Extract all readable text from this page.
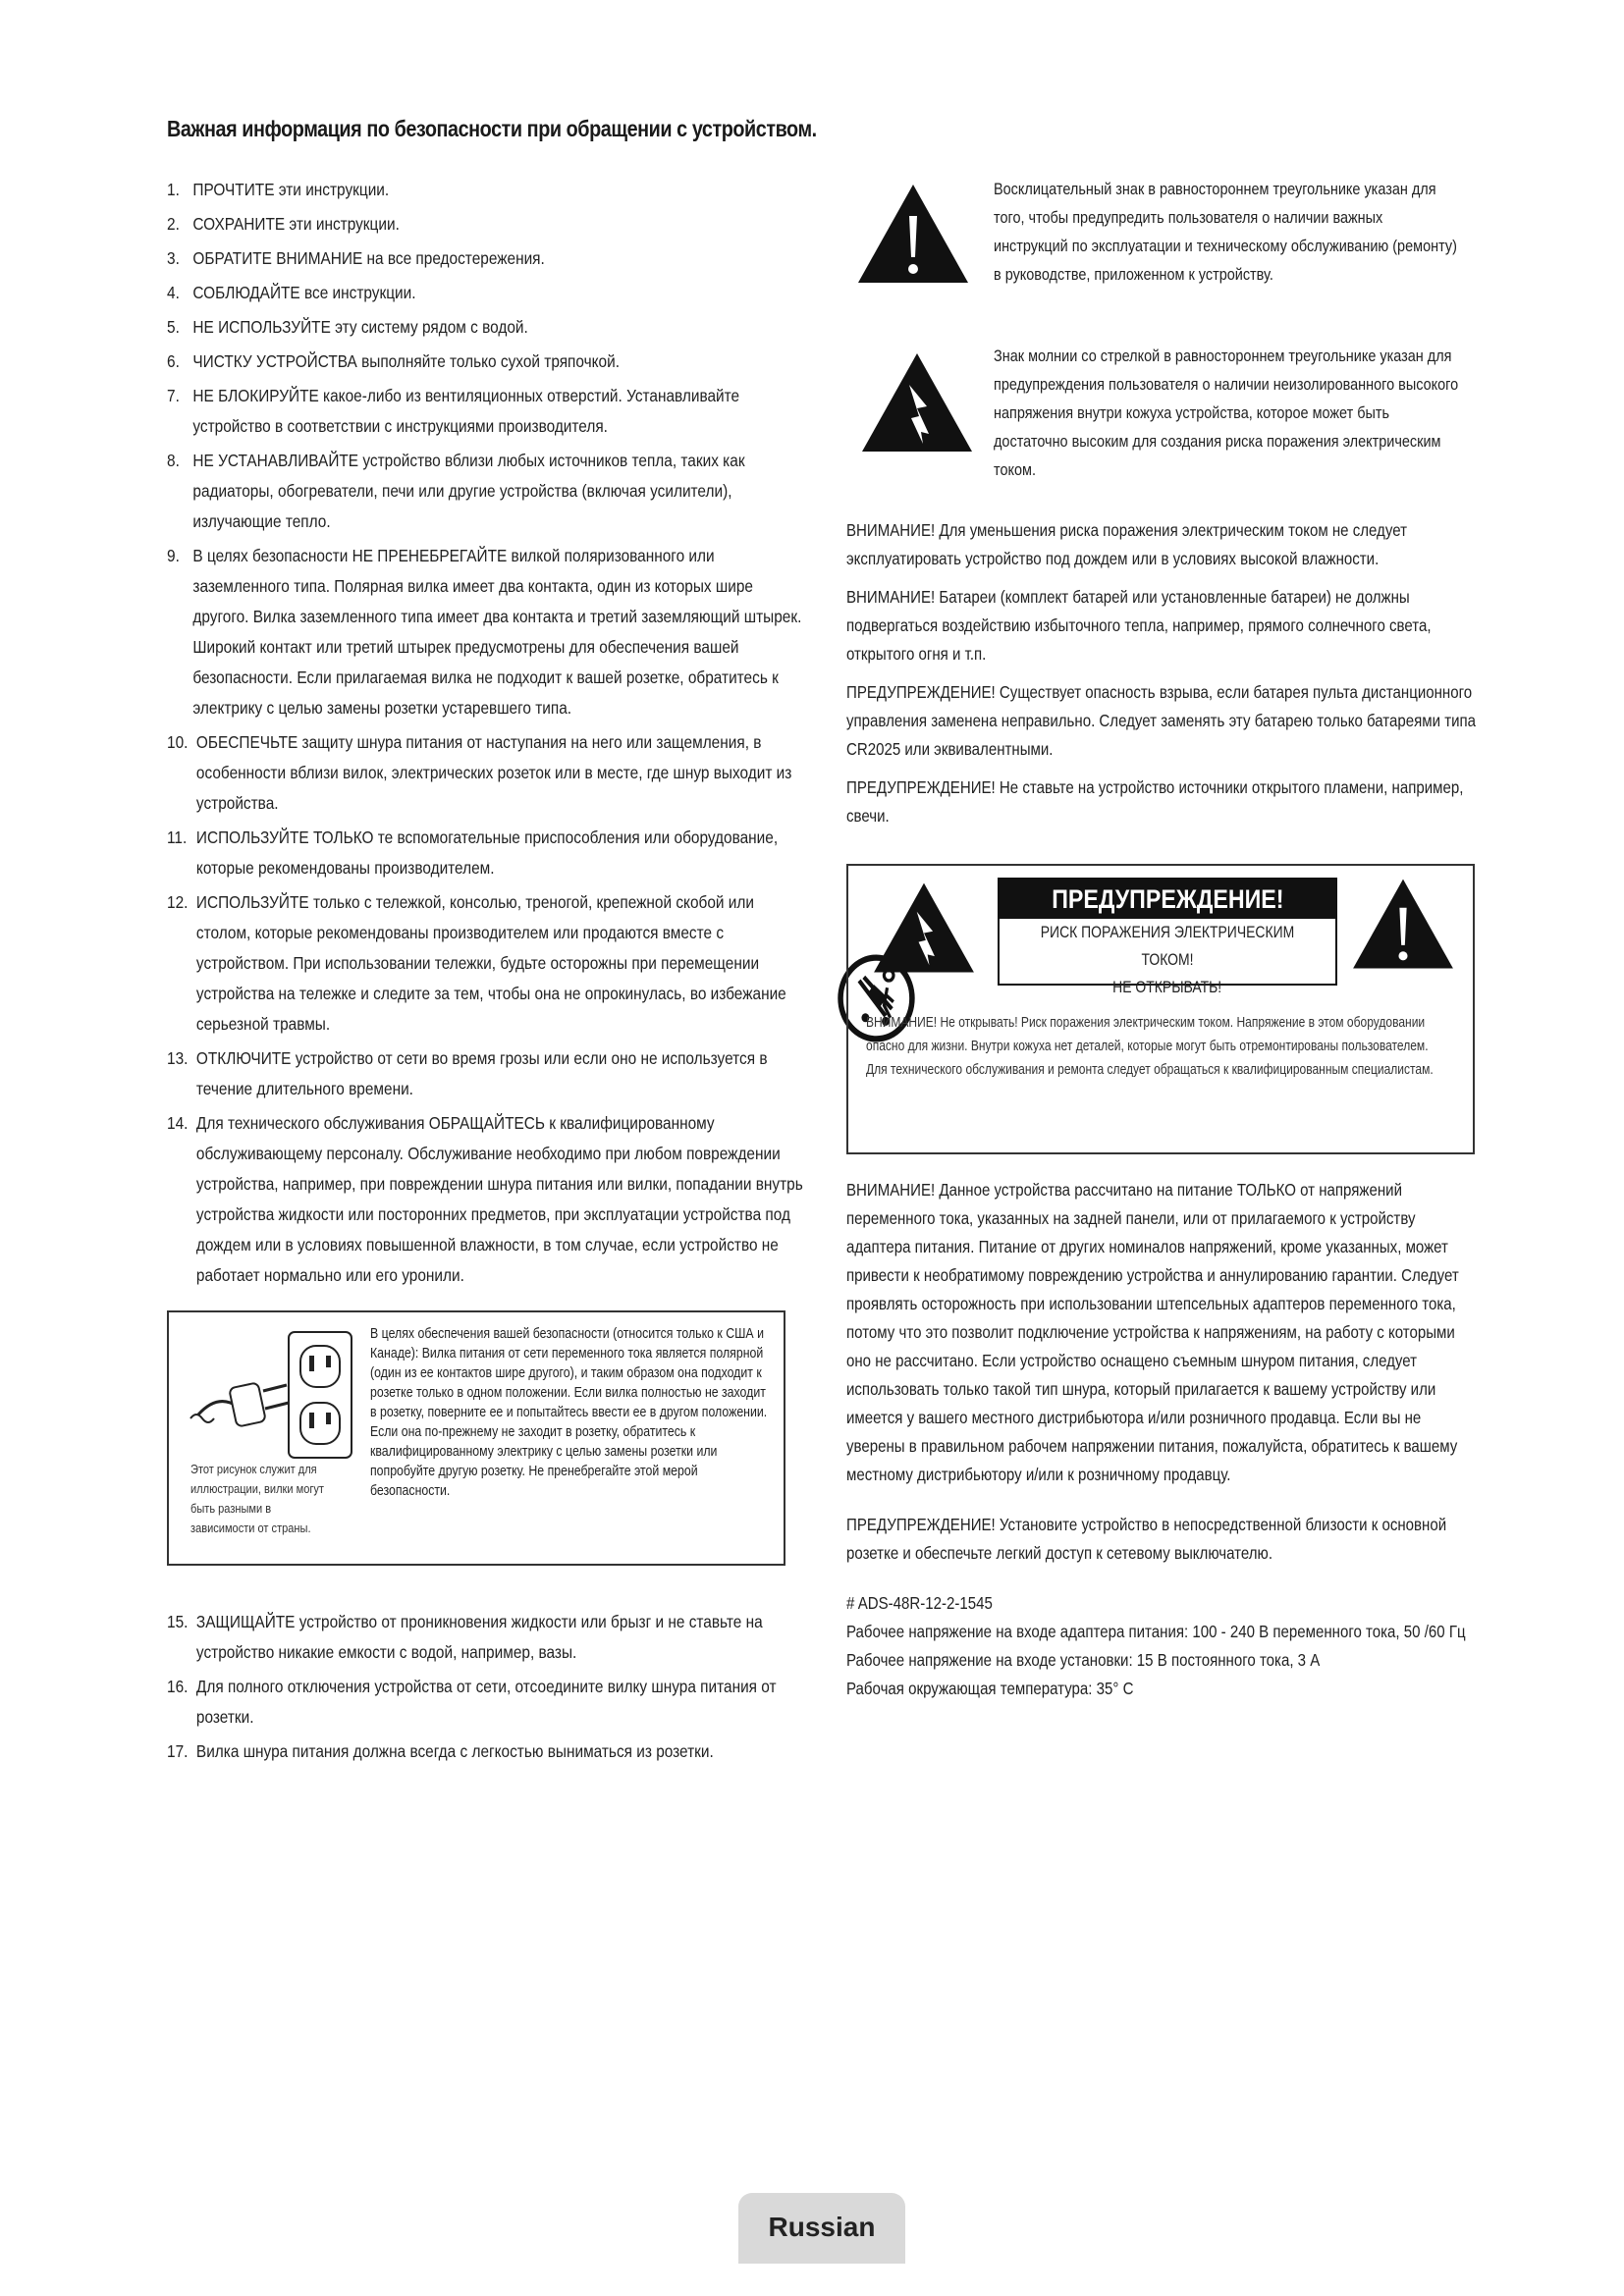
Важная информация по безопасности при обращении с устройством.
1. ПРОЧТИТЕ эти инструкции.
2. СОХРАНИТЕ эти инструкции.
3. ОБРАТИТЕ ВНИМАНИЕ на все предостережения.
4. СОБЛЮДАЙТЕ все инструкции.
5. НЕ ИСПОЛЬЗУЙТЕ эту систему рядом с водой.
6. ЧИСТКУ УСТРОЙСТВА выполняйте только сухой тряпочкой.
7. НЕ БЛОКИРУЙТЕ какое-либо из вентиляционных отверстий. Устанавливайте устройство в соответствии с инструкциями производителя.
8. НЕ УСТАНАВЛИВАЙТЕ устройство вблизи любых источников тепла, таких как радиаторы, обогреватели, печи или другие устройства (включая усилители), излучающие тепло.
9. В целях безопасности НЕ ПРЕНЕБРЕГАЙТЕ вилкой поляризованного или заземленного типа. Полярная вилка имеет два контакта, один из которых шире другого. Вилка заземленного типа имеет два контакта и третий заземляющий штырек. Широкий контакт или третий штырек предусмотрены для обеспечения вашей безопасности. Если прилагаемая вилка не подходит к вашей розетке, обратитесь к электрику с целью замены розетки устаревшего типа.
10. ОБЕСПЕЧЬТЕ защиту шнура питания от наступания на него или защемления, в особенности вблизи вилок, электрических розеток или в месте, где шнур выходит из устройства.
11. ИСПОЛЬЗУЙТЕ ТОЛЬКО те вспомогательные приспособления или оборудование, которые рекомендованы производителем.
12. ИСПОЛЬЗУЙТЕ только с тележкой, консолью, треногой, крепежной скобой или столом, которые рекомендованы производителем или продаются вместе с устройством. При использовании тележки, будьте осторожны при перемещении устройства на тележке и следите за тем, чтобы она не опрокинулась, во избежание серьезной травмы.
13. ОТКЛЮЧИТЕ устройство от сети во время грозы или если оно не используется в течение длительного времени.
14. Для технического обслуживания ОБРАЩАЙТЕСЬ к квалифицированному обслуживающему персоналу. Обслуживание необходимо при любом повреждении устройства, например, при повреждении шнура питания или вилки, попадании внутрь устройства жидкости или посторонних предметов, при эксплуатации устройства под дождем или в условиях повышенной влажности, в том случае, если устройство не работает нормально или его уронили.
Этот рисунок служит для иллюстрации, вилки могут быть разными в зависимости от страны.
В целях обеспечения вашей безопасности (относится только к США и Канаде): Вилка питания от сети переменного тока является полярной (один из ее контактов шире другого), и таким образом она подходит к розетке только в одном положении. Если вилка полностью не заходит в розетку, поверните ее и попытайтесь ввести ее в другом положении. Если она по-прежнему не заходит в розетку, обратитесь к квалифицированному электрику с целью замены розетки или попробуйте другую розетку. Не пренебрегайте этой мерой безопасности.
15. ЗАЩИЩАЙТЕ устройство от проникновения жидкости или брызг и не ставьте на устройство никакие емкости с водой, например, вазы.
16. Для полного отключения устройства от сети, отсоедините вилку шнура питания от розетки.
17. Вилка шнура питания должна всегда с легкостью выниматься из розетки.
Восклицательный знак в равностороннем треугольнике указан для того, чтобы предупредить пользователя о наличии важных инструкций по эксплуатации и техническому обслуживанию (ремонту) в руководстве, приложенном к устройству.
Знак молнии со стрелкой в равностороннем треугольнике указан для предупреждения пользователя о наличии неизолированного высокого напряжения внутри кожуха устройства, которое может быть достаточно высоким для создания риска поражения электрическим током.

ВНИМАНИЕ! Для уменьшения риска поражения электрическим током не следует эксплуатировать устройство под дождем или в условиях высокой влажности.

ВНИМАНИЕ! Батареи (комплект батарей или установленные батареи) не должны подвергаться воздействию избыточного тепла, например, прямого солнечного света, открытого огня и т.п.

ПРЕДУПРЕЖДЕНИЕ! Существует опасность взрыва, если батарея пульта дистанционного управления заменена неправильно. Следует заменять эту батарею только батареями типа CR2025 или эквивалентными.

ПРЕДУПРЕЖДЕНИЕ! Не ставьте на устройство источники открытого пламени, например, свечи.

ПРЕДУПРЕЖДЕНИЕ!
РИСК ПОРАЖЕНИЯ ЭЛЕКТРИЧЕСКИМ ТОКОМ!
НЕ ОТКРЫВАТЬ!
ВНИМАНИЕ! Не открывать! Риск поражения электрическим током. Напряжение в этом оборудовании опасно для жизни. Внутри кожуха нет деталей, которые могут быть отремонтированы пользователем. Для технического обслуживания и ремонта следует обращаться к квалифицированным специалистам.

ВНИМАНИЕ! Данное устройства рассчитано на питание ТОЛЬКО от напряжений переменного тока, указанных на задней панели, или от прилагаемого к устройству адаптера питания. Питание от других номиналов напряжений, кроме указанных, может привести к необратимому повреждению устройства и аннулированию гарантии. Следует проявлять осторожность при использовании штепсельных адаптеров переменного тока, потому что это позволит подключение устройства к напряжениям, на работу с которыми оно не рассчитано. Если устройство оснащено съемным шнуром питания, следует использовать только такой тип шнура, который прилагается к вашему устройству или имеется у вашего местного дистрибьютора и/или розничного продавца. Если вы не уверены в правильном рабочем напряжении питания, пожалуйста, обратитесь к вашему местному дистрибьютору и/или к розничному продавцу.

ПРЕДУПРЕЖДЕНИЕ! Установите устройство в непосредственной близости к основной розетке и обеспечьте легкий доступ к сетевому выключателю.

# ADS-48R-12-2-1545
Рабочее напряжение на входе адаптера питания: 100 - 240 В переменного тока, 50 /60 Гц
Рабочее напряжение на входе установки: 15 В постоянного тока, 3 А
Рабочая окружающая температура: 35° С
Russian
